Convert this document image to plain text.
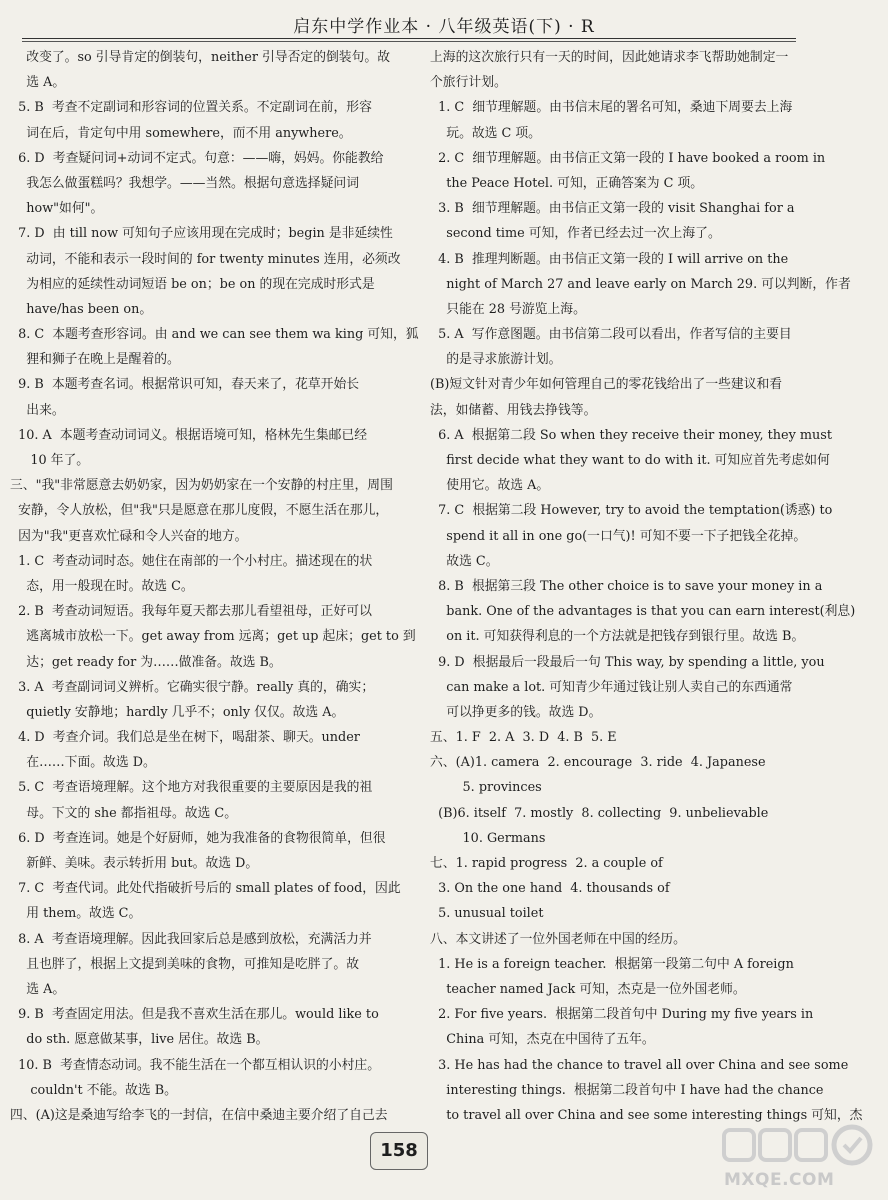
启东中学作业本 · 八年级英语(下) · R
改变了。so 引导肯定的倒装句，neither 引导否定的倒装句。故
选 A。
5. B  考查不定副词和形容词的位置关系。不定副词在前，形容
词在后，肯定句中用 somewhere，而不用 anywhere。
6. D  考查疑问词+动词不定式。句意：——嗨，妈妈。你能教给
我怎么做蛋糕吗？我想学。——当然。根据句意选择疑问词
how"如何"。
7. D  由 till now 可知句子应该用现在完成时；begin 是非延续性
动词，不能和表示一段时间的 for twenty minutes 连用，必须改
为相应的延续性动词短语 be on；be on 的现在完成时形式是
have/has been on。
8. C  本题考查形容词。由 and we can see them wa king 可知，狐
狸和狮子在晚上是醒着的。
9. B  本题考查名词。根据常识可知，春天来了，花草开始长
出来。
10. A  本题考查动词词义。根据语境可知，格林先生集邮已经
10 年了。
三、"我"非常愿意去奶奶家，因为奶奶家在一个安静的村庄里，周围
安静，令人放松，但"我"只是愿意在那儿度假，不愿生活在那儿，
因为"我"更喜欢忙碌和令人兴奋的地方。
1. C  考查动词时态。她住在南部的一个小村庄。描述现在的状
态，用一般现在时。故选 C。
2. B  考查动词短语。我每年夏天都去那儿看望祖母，正好可以
逃离城市放松一下。get away from 远离；get up 起床；get to 到
达；get ready for 为……做准备。故选 B。
3. A  考查副词词义辨析。它确实很宁静。really 真的，确实；
quietly 安静地；hardly 几乎不；only 仅仅。故选 A。
4. D  考查介词。我们总是坐在树下，喝甜茶、聊天。under
在……下面。故选 D。
5. C  考查语境理解。这个地方对我很重要的主要原因是我的祖
母。下文的 she 都指祖母。故选 C。
6. D  考查连词。她是个好厨师，她为我准备的食物很简单，但很
新鲜、美味。表示转折用 but。故选 D。
7. C  考查代词。此处代指破折号后的 small plates of food，因此
用 them。故选 C。
8. A  考查语境理解。因此我回家后总是感到放松，充满活力并
且也胖了，根据上文提到美味的食物，可推知是吃胖了。故
选 A。
9. B  考查固定用法。但是我不喜欢生活在那儿。would like to
do sth. 愿意做某事，live 居住。故选 B。
10. B  考查情态动词。我不能生活在一个都互相认识的小村庄。
couldn't 不能。故选 B。
四、(A)这是桑迪写给李飞的一封信，在信中桑迪主要介绍了自己去
上海的这次旅行只有一天的时间，因此她请求李飞帮助她制定一
个旅行计划。
1. C  细节理解题。由书信末尾的署名可知，桑迪下周要去上海
玩。故选 C 项。
2. C  细节理解题。由书信正文第一段的 I have booked a room in
the Peace Hotel. 可知，正确答案为 C 项。
3. B  细节理解题。由书信正文第一段的 visit Shanghai for a
second time 可知，作者已经去过一次上海了。
4. B  推理判断题。由书信正文第一段的 I will arrive on the
night of March 27 and leave early on March 29. 可以判断，作者
只能在 28 号游览上海。
5. A  写作意图题。由书信第二段可以看出，作者写信的主要目
的是寻求旅游计划。
(B)短文针对青少年如何管理自己的零花钱给出了一些建议和看
法，如储蓄、用钱去挣钱等。
6. A  根据第二段 So when they receive their money, they must
first decide what they want to do with it. 可知应首先考虑如何
使用它。故选 A。
7. C  根据第二段 However, try to avoid the temptation(诱惑) to
spend it all in one go(一口气)! 可知不要一下子把钱全花掉。
故选 C。
8. B  根据第三段 The other choice is to save your money in a
bank. One of the advantages is that you can earn interest(利息)
on it. 可知获得利息的一个方法就是把钱存到银行里。故选 B。
9. D  根据最后一段最后一句 This way, by spending a little, you
can make a lot. 可知青少年通过钱让别人卖自己的东西通常
可以挣更多的钱。故选 D。
五、1. F  2. A  3. D  4. B  5. E
六、(A)1. camera  2. encourage  3. ride  4. Japanese
5. provinces
(B)6. itself  7. mostly  8. collecting  9. unbelievable
10. Germans
七、1. rapid progress  2. a couple of
3. On the one hand  4. thousands of
5. unusual toilet
八、本文讲述了一位外国老师在中国的经历。
1. He is a foreign teacher.  根据第一段第二句中 A foreign
teacher named Jack 可知，杰克是一位外国老师。
2. For five years.  根据第二段首句中 During my five years in
China 可知，杰克在中国待了五年。
3. He has had the chance to travel all over China and see some
interesting things.  根据第二段首句中 I have had the chance
to travel all over China and see some interesting things 可知，杰
158
MXQE.COM
